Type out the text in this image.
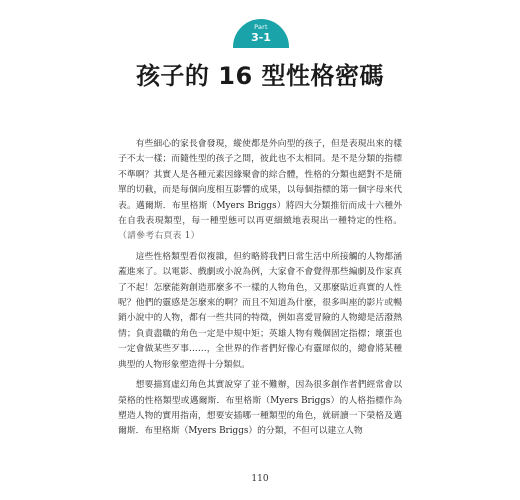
Part
3-1
孩子的 16 型性格密碼

有些細心的家長會發現，縱使都是外向型的孩子，但是表現出來的樣子不太一樣；而隨性型的孩子之間，彼此也不太相同。是不是分類的指標不準啊？其實人是各種元素因緣聚會的綜合體，性格的分類也絕對不是簡單的切截，而是每個向度相互影響的成果，以每個指標的第一個字母來代表。邁爾斯．布里格斯（Myers Briggs）將四大分類推衍而成十六種外在自我表現類型，每一種型態可以再更細緻地表現出一種特定的性格。（請參考右頁表 1）

這些性格類型看似複雜，但約略將我們日常生活中所接觸的人物都涵蓋進來了。以電影、戲劇或小說為例，大家會不會覺得那些編劇及作家真了不起！怎麼能夠創造那麼多不一樣的人物角色，又那麼貼近真實的人性呢？他們的靈感是怎麼來的啊？而且不知道為什麼，很多叫座的影片或暢銷小說中的人物，都有一些共同的特徵，例如喜愛冒險的人物總是活潑熱情；負責盡職的角色一定是中規中矩；英雄人物有幾個固定指標；壞蛋也一定會做某些歹事……，全世界的作者們好像心有靈犀似的，總會將某種典型的人物形象塑造得十分類似。

想要描寫虛幻角色其實說穿了並不難辦，因為很多創作者們經常會以榮格的性格類型或邁爾斯．布里格斯（Myers Briggs）的人格指標作為塑造人物的實用指南，想要安插哪一種類型的角色，就研讀一下榮格及邁爾斯．布里格斯（Myers Briggs）的分類，不但可以建立人物

110
